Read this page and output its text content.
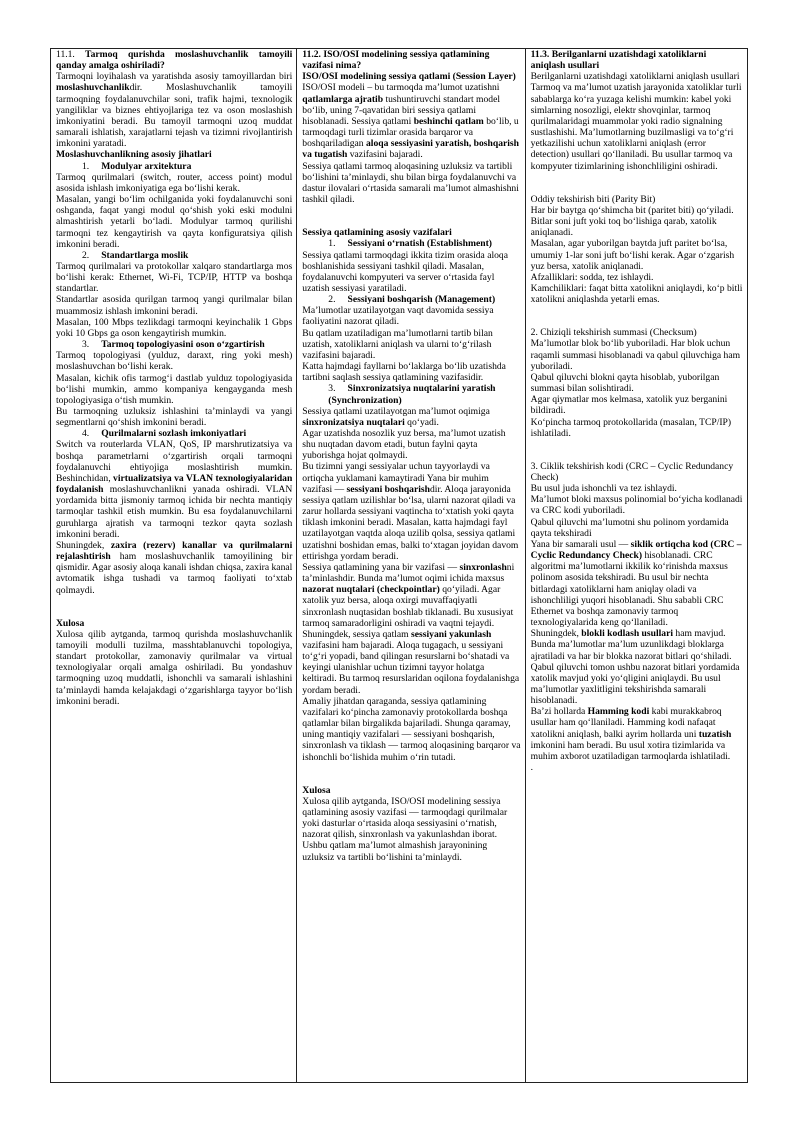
11.1. Tarmoq qurishda moslashuvchanlik tamoyili qanday amalga oshiriladi?

Tarmoqni loyihalash va yaratishda asosiy tamoyillardan biri moslashuvchanlikdir. Moslashuvchanlik tamoyili tarmoqning foydalanuvchilar soni, trafik hajmi, texnologik yangiliklar va biznes ehtiyojlariga tez va oson moslashish imkoniyatini beradi. Bu tamoyil tarmoqni uzoq muddat samarali ishlatish, xarajatlarni tejash va tizimni rivojlantirish imkonini yaratadi.

Moslashuvchanlikning asosiy jihatlari

1. Modulyar arxitektura

Tarmoq qurilmalari (switch, router, access point) modul asosida ishlash imkoniyatiga ega bo‘lishi kerak.

Masalan, yangi bo‘lim ochilganida yoki foydalanuvchi soni oshganda, faqat yangi modul qo‘shish yoki eski modulni almashtirish yetarli bo‘ladi. Modulyar tarmoq qurilishi tarmoqni tez kengaytirish va qayta konfiguratsiya qilish imkonini beradi.

2. Standartlarga moslik

Tarmoq qurilmalari va protokollar xalqaro standartlarga mos bo‘lishi kerak: Ethernet, Wi-Fi, TCP/IP, HTTP va boshqa standartlar.

Standartlar asosida qurilgan tarmoq yangi qurilmalar bilan muammosiz ishlash imkonini beradi.

Masalan, 100 Mbps tezlikdagi tarmoqni keyinchalik 1 Gbps yoki 10 Gbps ga oson kengaytirish mumkin.

3. Tarmoq topologiyasini oson o‘zgartirish

Tarmoq topologiyasi (yulduz, daraxt, ring yoki mesh) moslashuvchan bo‘lishi kerak.

Masalan, kichik ofis tarmog‘i dastlab yulduz topologiyasida bo‘lishi mumkin, ammo kompaniya kengayganda mesh topologiyasiga o‘tish mumkin.

Bu tarmoqning uzluksiz ishlashini ta’minlaydi va yangi segmentlarni qo‘shish imkonini beradi.

4. Qurilmalarni sozlash imkoniyatlari

Switch va routerlarda VLAN, QoS, IP marshrutizatsiya va boshqa parametrlarni o‘zgartirish orqali tarmoqni foydalanuvchi ehtiyojiga moslashtirish mumkin. Beshinchidan, virtualizatsiya va VLAN texnologiyalaridan foydalanish moslashuvchanlikni yanada oshiradi. VLAN yordamida bitta jismoniy tarmoq ichida bir nechta mantiqiy tarmoqlar tashkil etish mumkin. Bu esa foydalanuvchilarni guruhlarga ajratish va tarmoqni tezkor qayta sozlash imkonini beradi.

Shuningdek, zaxira (rezerv) kanallar va qurilmalarni rejalashtirish ham moslashuvchanlik tamoyilining bir qismidir. Agar asosiy aloqa kanali ishdan chiqsa, zaxira kanal avtomatik ishga tushadi va tarmoq faoliyati to‘xtab qolmaydi.

Xulosa

Xulosa qilib aytganda, tarmoq qurishda moslashuvchanlik tamoyili modulli tuzilma, masshtablanuvchi topologiya, standart protokollar, zamonaviy qurilmalar va virtual texnologiyalar orqali amalga oshiriladi. Bu yondashuv tarmoqning uzoq muddatli, ishonchli va samarali ishlashini ta’minlaydi hamda kelajakdagi o‘zgarishlarga tayyor bo‘lish imkonini beradi.

11.2. ISO/OSI modelining sessiya qatlamining vazifasi nima?

ISO/OSI modelining sessiya qatlami (Session Layer)

ISO/OSI modeli – bu tarmoqda ma’lumot uzatishni qatlamlarga ajratib tushuntiruvchi standart model bo‘lib, uning 7-qavatidan biri sessiya qatlami hisoblanadi. Sessiya qatlami beshinchi qatlam bo‘lib, u tarmoqdagi turli tizimlar orasida barqaror va boshqariladigan aloqa sessiyasini yaratish, boshqarish va tugatish vazifasini bajaradi.

Sessiya qatlami tarmoq aloqasining uzluksiz va tartibli bo‘lishini ta’minlaydi, shu bilan birga foydalanuvchi va dastur ilovalari o‘rtasida samarali ma’lumot almashishni tashkil qiladi.

Sessiya qatlamining asosiy vazifalari

1. Sessiyani o‘rnatish (Establishment)

Sessiya qatlami tarmoqdagi ikkita tizim orasida aloqa boshlanishida sessiyani tashkil qiladi. Masalan, foydalanuvchi kompyuteri va server o‘rtasida fayl uzatish sessiyasi yaratiladi.

2. Sessiyani boshqarish (Management)

Ma’lumotlar uzatilayotgan vaqt davomida sessiya faoliyatini nazorat qiladi.

Bu qatlam uzatiladigan ma’lumotlarni tartib bilan uzatish, xatoliklarni aniqlash va ularni to‘g‘rilash vazifasini bajaradi.

Katta hajmdagi fayllarni bo‘laklarga bo‘lib uzatishda tartibni saqlash sessiya qatlamining vazifasidir.

3. Sinxronizatsiya nuqtalarini yaratish (Synchronization)

Sessiya qatlami uzatilayotgan ma’lumot oqimiga sinxronizatsiya nuqtalari qo‘yadi.

Agar uzatishda nosozlik yuz bersa, ma’lumot uzatish shu nuqtadan davom etadi, butun faylni qayta yuborishga hojat qolmaydi.

Bu tizimni yangi sessiyalar uchun tayyorlaydi va ortiqcha yuklamani kamaytiradi Yana bir muhim vazifasi — sessiyani boshqarishdir. Aloqa jarayonida sessiya qatlam uzilishlar bo‘lsa, ularni nazorat qiladi va zarur hollarda sessiyani vaqtincha to‘xtatish yoki qayta tiklash imkonini beradi. Masalan, katta hajmdagi fayl uzatilayotgan vaqtda aloqa uzilib qolsa, sessiya qatlami uzatishni boshidan emas, balki to‘xtagan joyidan davom ettirishga yordam beradi.

Sessiya qatlamining yana bir vazifasi — sinxronlashni ta’minlashdir. Bunda ma’lumot oqimi ichida maxsus nazorat nuqtalari (checkpointlar) qo‘yiladi. Agar xatolik yuz bersa, aloqa oxirgi muvaffaqiyatli sinxronlash nuqtasidan boshlab tiklanadi. Bu xususiyat tarmoq samaradorligini oshiradi va vaqtni tejaydi.

Shuningdek, sessiya qatlam sessiyani yakunlash vazifasini ham bajaradi. Aloqa tugagach, u sessiyani to‘g‘ri yopadi, band qilingan resurslarni bo‘shatadi va keyingi ulanishlar uchun tizimni tayyor holatga keltiradi. Bu tarmoq resurslaridan oqilona foydalanishga yordam beradi.

Amaliy jihatdan qaraganda, sessiya qatlamining vazifalari ko‘pincha zamonaviy protokollarda boshqa qatlamlar bilan birgalikda bajariladi. Shunga qaramay, uning mantiqiy vazifalari — sessiyani boshqarish, sinxronlash va tiklash — tarmoq aloqasining barqaror va ishonchli bo‘lishida muhim o‘rin tutadi.

Xulosa

Xulosa qilib aytganda, ISO/OSI modelining sessiya qatlamining asosiy vazifasi — tarmoqdagi qurilmalar yoki dasturlar o‘rtasida aloqa sessiyasini o‘rnatish, nazorat qilish, sinxronlash va yakunlashdan iborat. Ushbu qatlam ma’lumot almashish jarayonining uzluksiz va tartibli bo‘lishini ta’minlaydi.

11.3. Berilganlarni uzatishdagi xatoliklarni aniqlash usullari

Berilganlarni uzatishdagi xatoliklarni aniqlash usullari

Tarmoq va ma’lumot uzatish jarayonida xatoliklar turli sabablarga ko‘ra yuzaga kelishi mumkin: kabel yoki simlarning nosozligi, elektr shovqinlar, tarmoq qurilmalaridagi muammolar yoki radio signalning sustlashishi. Ma’lumotlarning buzilmasligi va to‘g‘ri yetkazilishi uchun xatoliklarni aniqlash (error detection) usullari qo‘llaniladi. Bu usullar tarmoq va kompyuter tizimlarining ishonchliligini oshiradi.

Oddiy tekshirish biti (Parity Bit)

Har bir baytga qo‘shimcha bit (paritet biti) qo‘yiladi.

Bitlar soni juft yoki toq bo‘lishiga qarab, xatolik aniqlanadi.

Masalan, agar yuborilgan baytda juft paritet bo‘lsa, umumiy 1-lar soni juft bo‘lishi kerak. Agar o‘zgarish yuz bersa, xatolik aniqlanadi.

Afzalliklari: sodda, tez ishlaydi.

Kamchiliklari: faqat bitta xatolikni aniqlaydi, ko‘p bitli xatolikni aniqlashda yetarli emas.

2. Chiziqli tekshirish summasi (Checksum)

Ma’lumotlar blok bo‘lib yuboriladi. Har blok uchun raqamli summasi hisoblanadi va qabul qiluvchiga ham yuboriladi.

Qabul qiluvchi blokni qayta hisoblab, yuborilgan summasi bilan solishtiradi.

Agar qiymatlar mos kelmasa, xatolik yuz berganini bildiradi.

Ko‘pincha tarmoq protokollarida (masalan, TCP/IP) ishlatiladi.

3. Ciklik tekshirish kodi (CRC – Cyclic Redundancy Check)

Bu usul juda ishonchli va tez ishlaydi.

Ma’lumot bloki maxsus polinomial bo‘yicha kodlanadi va CRC kodi yuboriladi.

Qabul qiluvchi ma’lumotni shu polinom yordamida qayta tekshiradi

Yana bir samarali usul — siklik ortiqcha kod (CRC – Cyclic Redundancy Check) hisoblanadi. CRC algoritmi ma’lumotlarni ikkilik ko‘rinishda maxsus polinom asosida tekshiradi. Bu usul bir nechta bitlardagi xatoliklarni ham aniqlay oladi va ishonchliligi yuqori hisoblanadi. Shu sababli CRC Ethernet va boshqa zamonaviy tarmoq texnologiyalarida keng qo‘llaniladi.

Shuningdek, blokli kodlash usullari ham mavjud. Bunda ma’lumotlar ma’lum uzunlikdagi bloklarga ajratiladi va har bir blokka nazorat bitlari qo‘shiladi. Qabul qiluvchi tomon ushbu nazorat bitlari yordamida xatolik mavjud yoki yo‘qligini aniqlaydi. Bu usul ma’lumotlar yaxlitligini tekshirishda samarali hisoblanadi.

Ba’zi hollarda Hamming kodi kabi murakkabroq usullar ham qo‘llaniladi. Hamming kodi nafaqat xatolikni aniqlash, balki ayrim hollarda uni tuzatish imkonini ham beradi. Bu usul xotira tizimlarida va muhim axborot uzatiladigan tarmoqlarda ishlatiladi.

.
